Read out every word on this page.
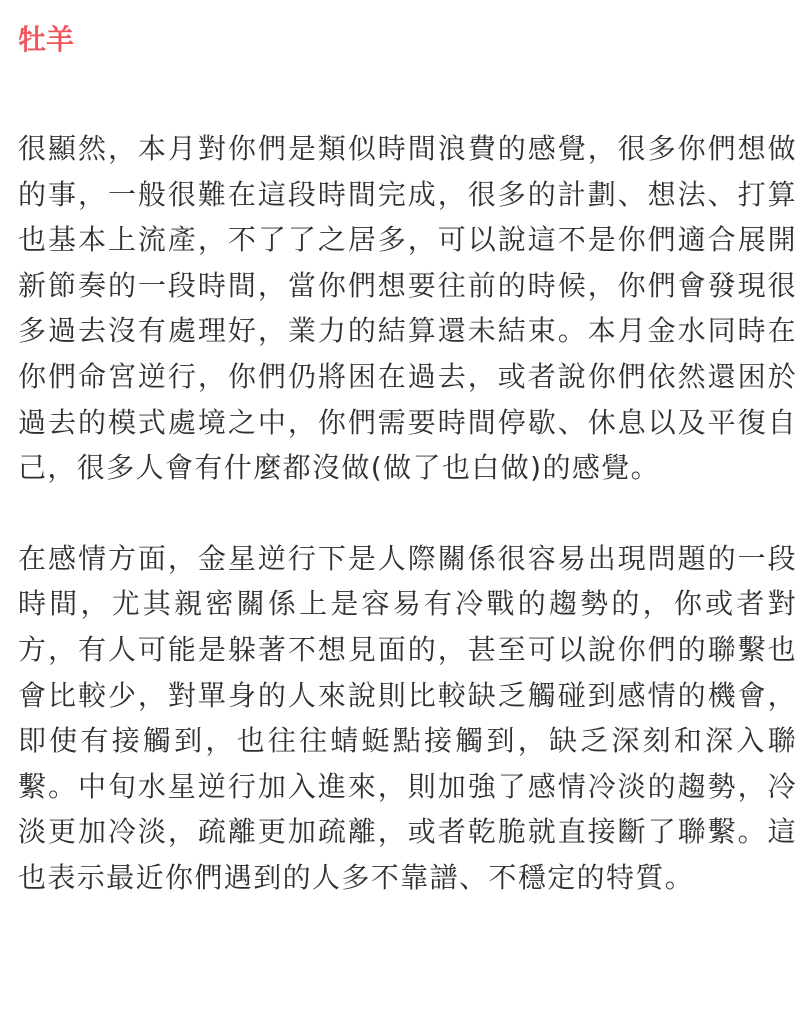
牡羊

很顯然，本月對你們是類似時間浪費的感覺，很多你們想做的事，一般很難在這段時間完成，很多的計劃、想法、打算也基本上流產，不了了之居多，可以說這不是你們適合展開新節奏的一段時間，當你們想要往前的時候，你們會發現很多過去沒有處理好，業力的結算還未結束。本月金水同時在你們命宮逆行，你們仍將困在過去，或者說你們依然還困於過去的模式處境之中，你們需要時間停歇、休息以及平復自己，很多人會有什麼都沒做(做了也白做)的感覺。

在感情方面，金星逆行下是人際關係很容易出現問題的一段時間，尤其親密關係上是容易有冷戰的趨勢的，你或者對方，有人可能是躲著不想見面的，甚至可以說你們的聯繫也會比較少，對單身的人來說則比較缺乏觸碰到感情的機會，即使有接觸到，也往往蜻蜓點接觸到，缺乏深刻和深入聯繫。中旬水星逆行加入進來，則加強了感情冷淡的趨勢，冷淡更加冷淡，疏離更加疏離，或者乾脆就直接斷了聯繫。這也表示最近你們遇到的人多不靠譜、不穩定的特質。
